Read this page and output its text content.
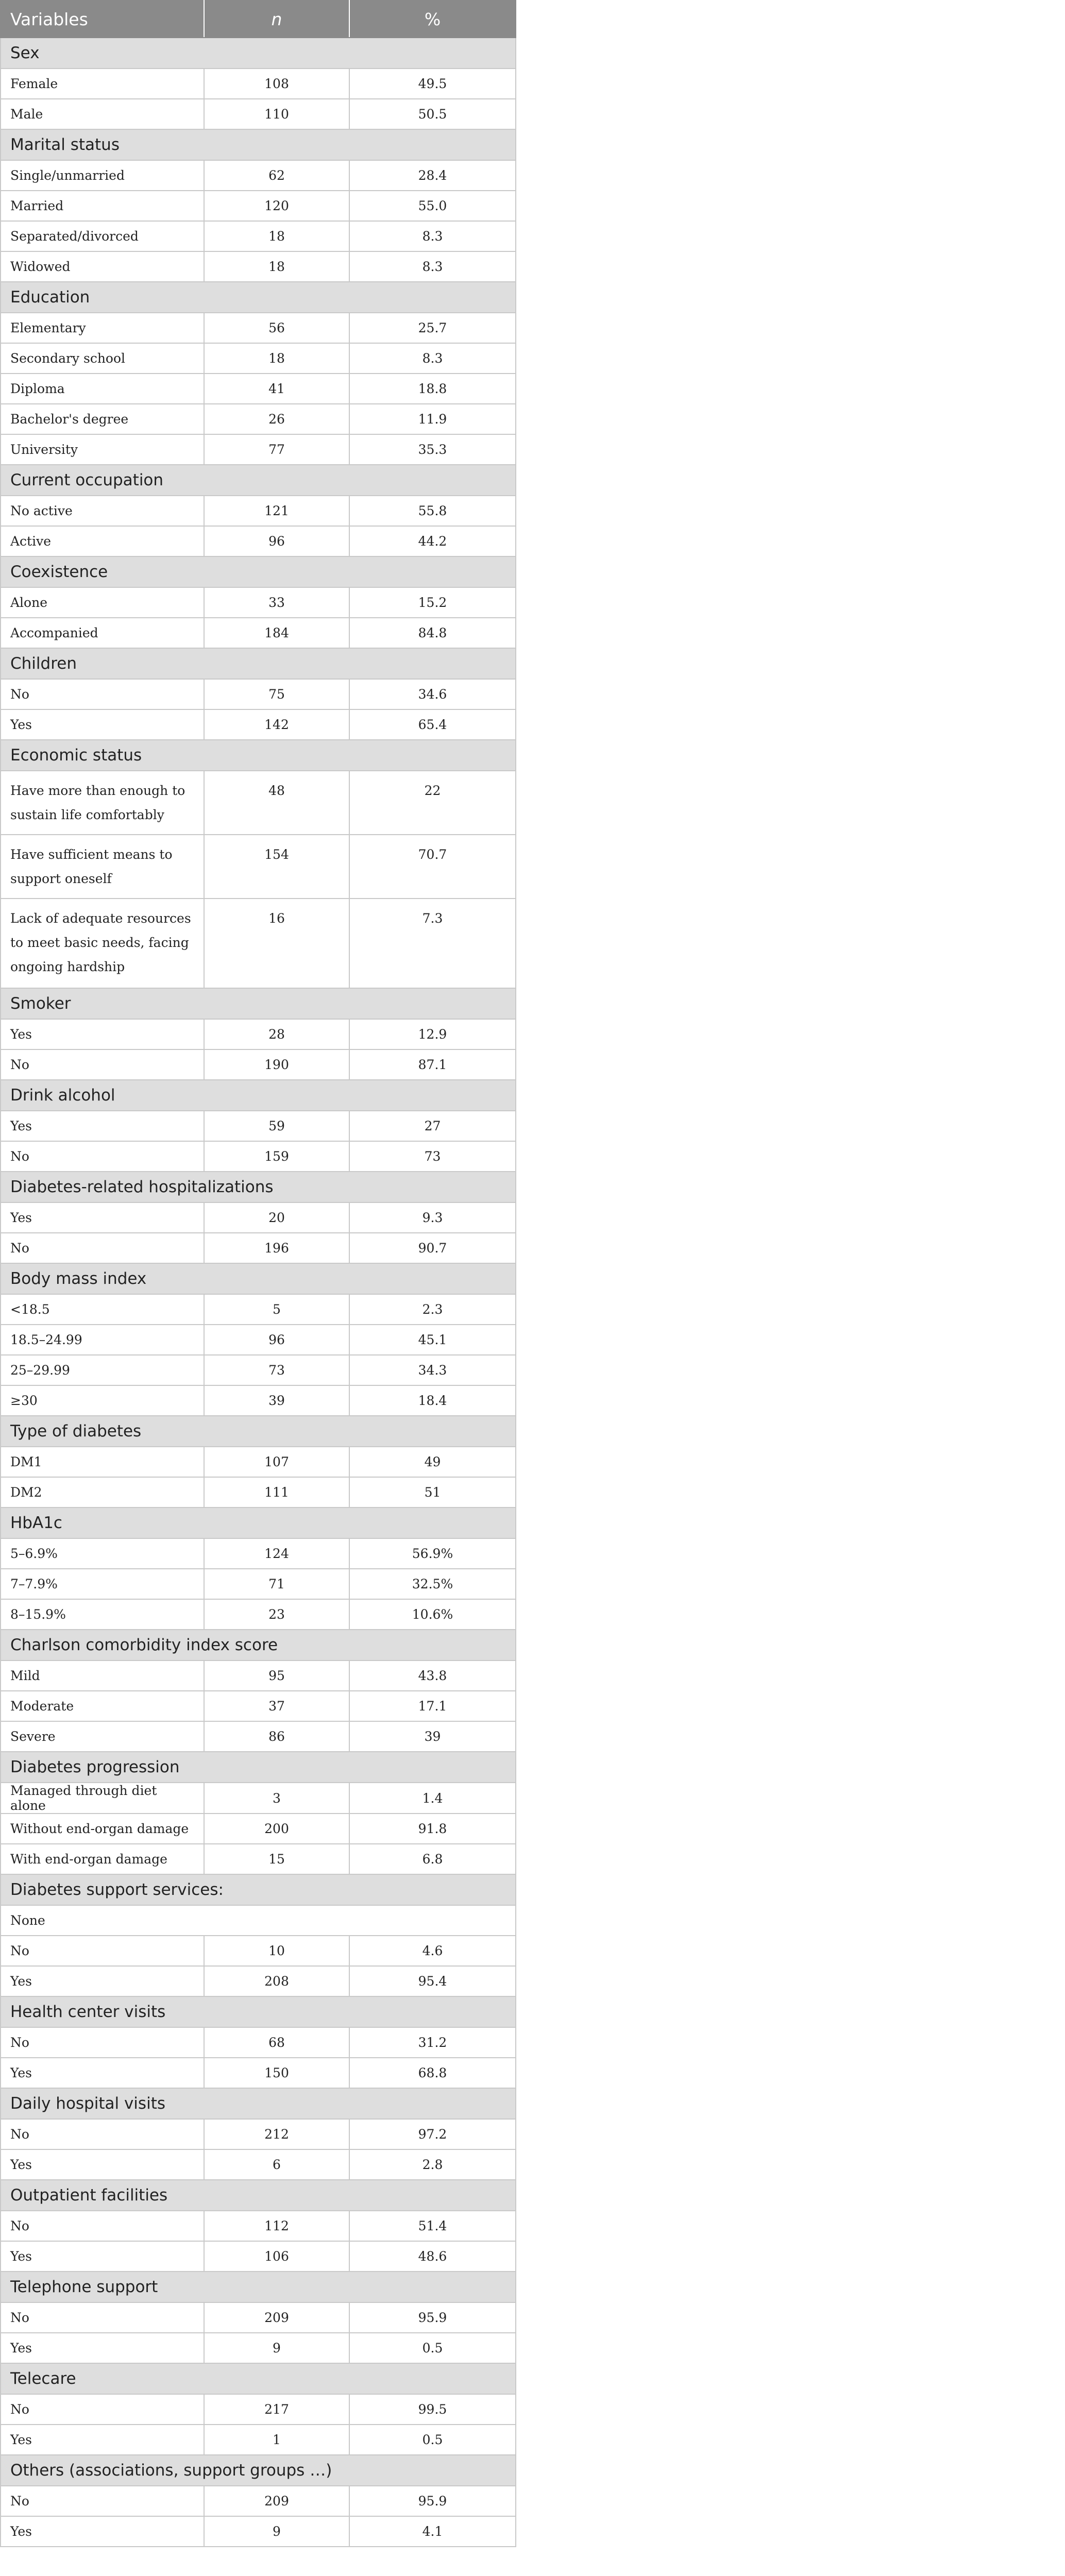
Variables	n	%
Sex		
Female	108	49.5
Male	110	50.5
Marital status		
Single/unmarried	62	28.4
Married	120	55.0
Separated/divorced	18	8.3
Widowed	18	8.3
Education		
Elementary	56	25.7
Secondary school	18	8.3
Diploma	41	18.8
Bachelor's degree	26	11.9
University	77	35.3
Current occupation		
No active	121	55.8
Active	96	44.2
Coexistence		
Alone	33	15.2
Accompanied	184	84.8
Children		
No	75	34.6
Yes	142	65.4
Economic status		
Have more than enough to sustain life comfortably	48	22
Have sufficient means to support oneself	154	70.7
Lack of adequate resources to meet basic needs, facing ongoing hardship	16	7.3
Smoker		
Yes	28	12.9
No	190	87.1
Drink alcohol		
Yes	59	27
No	159	73
Diabetes-related hospitalizations		
Yes	20	9.3
No	196	90.7
Body mass index		
<18.5	5	2.3
18.5–24.99	96	45.1
25–29.99	73	34.3
≥30	39	18.4
Type of diabetes		
DM1	107	49
DM2	111	51
HbA1c		
5–6.9%	124	56.9%
7–7.9%	71	32.5%
8–15.9%	23	10.6%
Charlson comorbidity index score		
Mild	95	43.8
Moderate	37	17.1
Severe	86	39
Diabetes progression		
Managed through diet alone	3	1.4
Without end-organ damage	200	91.8
With end-organ damage	15	6.8
Diabetes support services:		
None		
No	10	4.6
Yes	208	95.4
Health center visits		
No	68	31.2
Yes	150	68.8
Daily hospital visits		
No	212	97.2
Yes	6	2.8
Outpatient facilities		
No	112	51.4
Yes	106	48.6
Telephone support		
No	209	95.9
Yes	9	0.5
Telecare		
No	217	99.5
Yes	1	0.5
Others (associations, support groups …)		
No	209	95.9
Yes	9	4.1
